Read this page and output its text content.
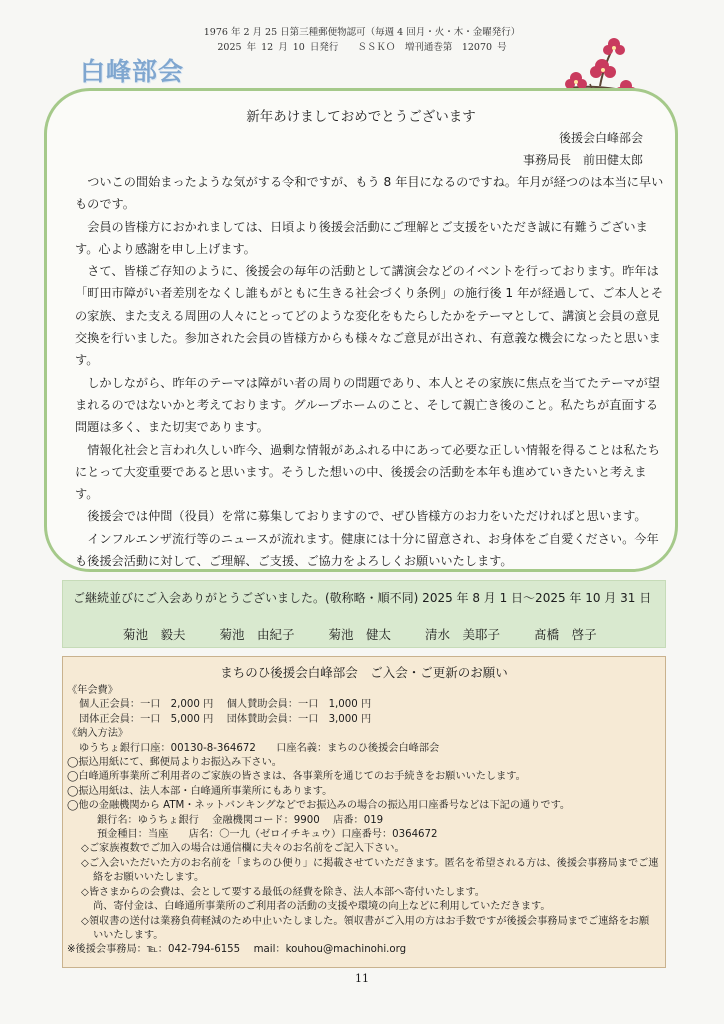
1976 年 2 月 25 日第三種郵便物認可（毎週 4 回月・火・木・金曜発行）
2025 年 12 月 10 日発行　　ＳＳＫＯ　増刊通巻第　12070 号
白峰部会
新年あけましておめでとうございます
後援会白峰部会
事務局長　前田健太郎

ついこの間始まったような気がする令和ですが、もう 8 年目になるのですね。年月が経つのは本当に早いものです。

会員の皆様方におかれましては、日頃より後援会活動にご理解とご支援をいただき誠に有難うございます。心より感謝を申し上げます。

さて、皆様ご存知のように、後援会の毎年の活動として講演会などのイベントを行っております。昨年は「町田市障がい者差別をなくし誰もがともに生きる社会づくり条例」の施行後 1 年が経過して、ご本人とその家族、また支える周囲の人々にとってどのような変化をもたらしたかをテーマとして、講演と会員の意見交換を行いました。参加された会員の皆様方からも様々なご意見が出され、有意義な機会になったと思います。

しかしながら、昨年のテーマは障がい者の周りの問題であり、本人とその家族に焦点を当てたテーマが望まれるのではないかと考えております。グループホームのこと、そして親亡き後のこと。私たちが直面する問題は多く、また切実であります。

情報化社会と言われ久しい昨今、過剰な情報があふれる中にあって必要な正しい情報を得ることは私たちにとって大変重要であると思います。そうした想いの中、後援会の活動を本年も進めていきたいと考えます。

後援会では仲間（役員）を常に募集しておりますので、ぜひ皆様方のお力をいただければと思います。

インフルエンザ流行等のニュースが流れます。健康には十分に留意され、お身体をご自愛ください。今年も後援会活動に対して、ご理解、ご支援、ご協力をよろしくお願いいたします。

ご継続並びにご入会ありがとうございました。(敬称略・順不同) 2025 年 8 月 1 日～2025 年 10 月 31 日
菊池　毅夫	菊池　由紀子	菊池　健太	清水　美耶子	髙橋　啓子
まちのひ後援会白峰部会　ご入会・ご更新のお願い
《年会費》
個人正会員：一口　2,000 円　 個人賛助会員：一口　1,000 円
団体正会員：一口　5,000 円　 団体賛助会員：一口　3,000 円
《納入方法》
ゆうちょ銀行口座：00130-8-364672　　口座名義：まちのひ後援会白峰部会
◯振込用紙にて、郵便局よりお振込み下さい。
◯白峰通所事業所ご利用者のご家族の皆さまは、各事業所を通じてのお手続きをお願いいたします。
◯振込用紙は、法人本部・白峰通所事業所にもあります。
◯他の金融機関から ATM・ネットバンキングなどでお振込みの場合の振込用口座番号などは下記の通りです。
銀行名：ゆうちょ銀行　 金融機関コード：9900　 店番：019
預金種目：当座　　店名：〇一九（ゼロイチキュウ）口座番号：0364672
◇ご家族複数でご加入の場合は通信欄に夫々のお名前をご記入下さい。
◇ご入会いただいた方のお名前を「まちのひ便り」に掲載させていただきます。匿名を希望される方は、後援会事務局までご連
絡をお願いいたします。
◇皆さまからの会費は、会として要する最低の経費を除き、法人本部へ寄付いたします。
尚、寄付金は、白峰通所事業所のご利用者の活動の支援や環境の向上などに利用していただきます。
◇領収書の送付は業務負荷軽減のため中止いたしました。領収書がご入用の方はお手数ですが後援会事務局までご連絡をお願
いいたします。
※後援会事務局：℡：042-794-6155　 mail：kouhou@machinohi.org
11
